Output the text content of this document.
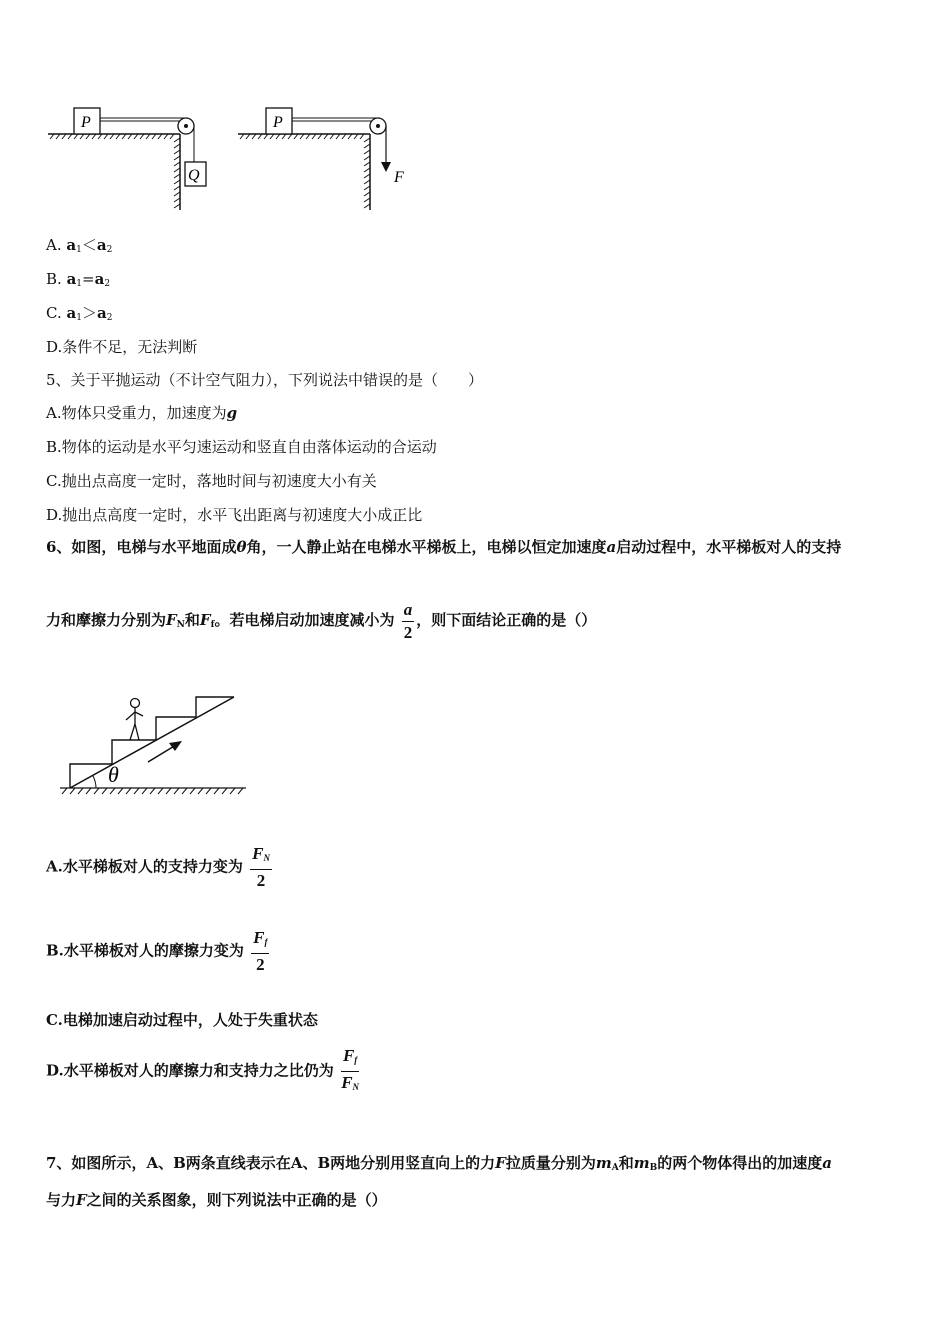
P
Q
P
F
A. $a_1<a_2$
B. $a_1=a_2$
C. $a_1>a_2$
D.条件不足，无法判断
5、关于平抛运动（不计空气阻力），下列说法中错误的是（　　）
A.物体只受重力，加速度为g
B.物体的运动是水平匀速运动和竖直自由落体运动的合运动
C.抛出点高度一定时，落地时间与初速度大小有关
D.抛出点高度一定时，水平飞出距离与初速度大小成正比
6、如图，电梯与水平地面成θ角，一人静止站在电梯水平梯板上，电梯以恒定加速度a启动过程中，水平梯板对人的支持
力和摩擦力分别为$F_N$和$F_f$。若电梯启动加速度减小为 $\frac{a}{2}$ ，则下面结论正确的是（）
θ
A.水平梯板对人的支持力变为 $\frac{F_N}{2}$
B.水平梯板对人的摩擦力变为 $\frac{F_f}{2}$
C.电梯加速启动过程中，人处于失重状态
D.水平梯板对人的摩擦力和支持力之比仍为 $\frac{F_f}{F_N}$
7、如图所示，A、B两条直线表示在A、B两地分别用竖直向上的力F拉质量分别为$m_A$和$m_B$的两个物体得出的加速度a
与力F之间的关系图象，则下列说法中正确的是（）
